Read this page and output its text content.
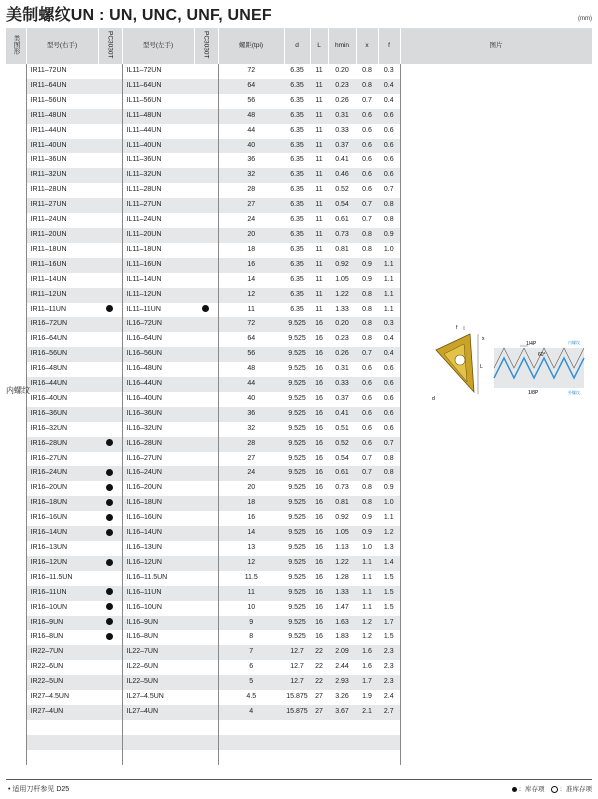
美制螺纹UN : UN, UNC, UNF, UNEF	(mm)
类图形	型号(右手)	PC3030T	型号(左手)	PC3030T	螺距(tpi)	d	L	hmin	x	f	图片
内螺纹	IR11–72UN		IL11–72UN		72	6.35	11	0.20	0.8	0.3	
	IR11–64UN		IL11–64UN		64	6.35	11	0.23	0.8	0.4	
	IR11–56UN		IL11–56UN		56	6.35	11	0.26	0.7	0.4	
	IR11–48UN		IL11–48UN		48	6.35	11	0.31	0.6	0.6	
	IR11–44UN		IL11–44UN		44	6.35	11	0.33	0.6	0.6	
	IR11–40UN		IL11–40UN		40	6.35	11	0.37	0.6	0.6	
	IR11–36UN		IL11–36UN		36	6.35	11	0.41	0.6	0.6	
	IR11–32UN		IL11–32UN		32	6.35	11	0.46	0.6	0.6	
	IR11–28UN		IL11–28UN		28	6.35	11	0.52	0.6	0.7	
	IR11–27UN		IL11–27UN		27	6.35	11	0.54	0.7	0.8	
	IR11–24UN		IL11–24UN		24	6.35	11	0.61	0.7	0.8	
	IR11–20UN		IL11–20UN		20	6.35	11	0.73	0.8	0.9	
	IR11–18UN		IL11–18UN		18	6.35	11	0.81	0.8	1.0	
	IR11–16UN		IL11–16UN		16	6.35	11	0.92	0.9	1.1	
	IR11–14UN		IL11–14UN		14	6.35	11	1.05	0.9	1.1	
	IR11–12UN		IL11–12UN		12	6.35	11	1.22	0.8	1.1	
	IR11–11UN		IL11–11UN		11	6.35	11	1.33	0.8	1.1	
	IR16–72UN		IL16–72UN		72	9.525	16	0.20	0.8	0.3	
	IR16–64UN		IL16–64UN		64	9.525	16	0.23	0.8	0.4	
	IR16–56UN		IL16–56UN		56	9.525	16	0.26	0.7	0.4	
	IR16–48UN		IL16–48UN		48	9.525	16	0.31	0.6	0.6	
	IR16–44UN		IL16–44UN		44	9.525	16	0.33	0.6	0.6	
	IR16–40UN		IL16–40UN		40	9.525	16	0.37	0.6	0.6	
	IR16–36UN		IL16–36UN		36	9.525	16	0.41	0.6	0.6	
	IR16–32UN		IL16–32UN		32	9.525	16	0.51	0.6	0.6	
	IR16–28UN		IL16–28UN		28	9.525	16	0.52	0.6	0.7	
	IR16–27UN		IL16–27UN		27	9.525	16	0.54	0.7	0.8	
	IR16–24UN		IL16–24UN		24	9.525	16	0.61	0.7	0.8	
	IR16–20UN		IL16–20UN		20	9.525	16	0.73	0.8	0.9	
	IR16–18UN		IL16–18UN		18	9.525	16	0.81	0.8	1.0	
	IR16–16UN		IL16–16UN		16	9.525	16	0.92	0.9	1.1	
	IR16–14UN		IL16–14UN		14	9.525	16	1.05	0.9	1.2	
	IR16–13UN		IL16–13UN		13	9.525	16	1.13	1.0	1.3	
	IR16–12UN		IL16–12UN		12	9.525	16	1.22	1.1	1.4	
	IR16–11.5UN		IL16–11.5UN		11.5	9.525	16	1.28	1.1	1.5	
	IR16–11UN		IL16–11UN		11	9.525	16	1.33	1.1	1.5	
	IR16–10UN		IL16–10UN		10	9.525	16	1.47	1.1	1.5	
	IR16–9UN		IL16–9UN		9	9.525	16	1.63	1.2	1.7	
	IR16–8UN		IL16–8UN		8	9.525	16	1.83	1.2	1.5	
	IR22–7UN		IL22–7UN		7	12.7	22	2.09	1.6	2.3	
	IR22–6UN		IL22–6UN		6	12.7	22	2.44	1.6	2.3	
	IR22–5UN		IL22–5UN		5	12.7	22	2.93	1.7	2.3	
	IR27–4.5UN		IL27–4.5UN		4.5	15.875	27	3.26	1.9	2.4	
	IR27–4UN		IL27–4UN		4	15.875	27	3.67	2.1	2.7	

x
L
f
d
1/4P
60°
1/8P
内螺纹
外螺纹
• 适用刀杆参见 D25	：库存项 ：准库存项
